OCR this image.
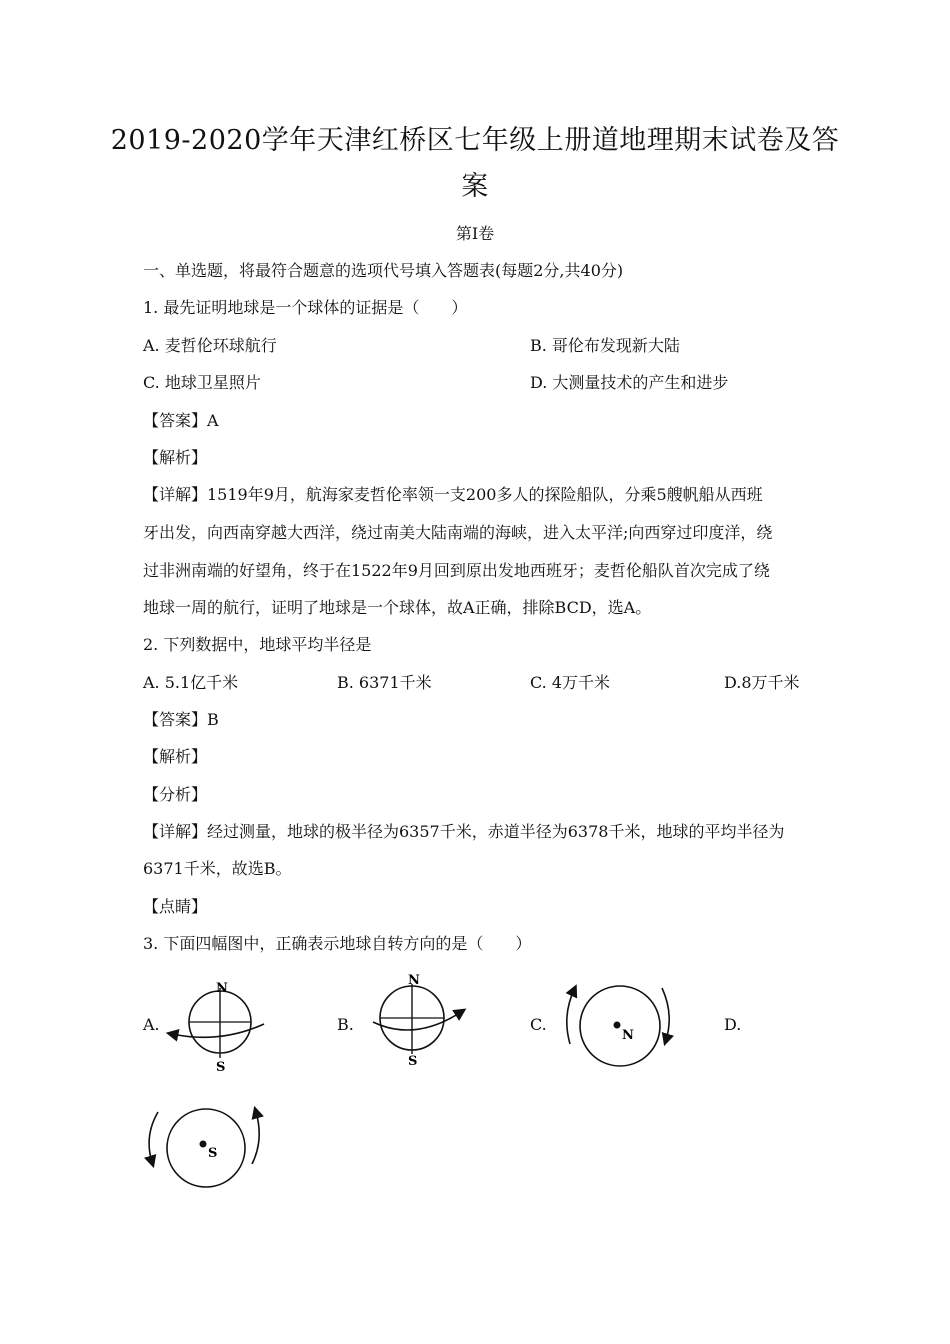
2019-2020学年天津红桥区七年级上册道地理期末试卷及答
案
第Ⅰ卷
一、单选题，将最符合题意的选项代号填入答题表(每题2分,共40分)
1. 最先证明地球是一个球体的证据是（　　）
A. 麦哲伦环球航行	B. 哥伦布发现新大陆
C. 地球卫星照片	D. 大测量技术的产生和进步
【答案】A
【解析】
【详解】1519年9月，航海家麦哲伦率领一支200多人的探险船队，分乘5艘帆船从西班
牙出发，向西南穿越大西洋，绕过南美大陆南端的海峡，进入太平洋;向西穿过印度洋，绕
过非洲南端的好望角，终于在1522年9月回到原出发地西班牙；麦哲伦船队首次完成了绕
地球一周的航行，证明了地球是一个球体，故A正确，排除BCD，选A。
2. 下列数据中，地球平均半径是
A. 5.1亿千米	B. 6371千米	C. 4万千米	D.8万千米
【答案】B
【解析】
【分析】
【详解】经过测量，地球的极半径为6357千米，赤道半径为6378千米，地球的平均半径为
6371千米，故选B。
【点睛】
3. 下面四幅图中，正确表示地球自转方向的是（　　）
A.	B.	C.	D.
N
S
N
S
N
S
